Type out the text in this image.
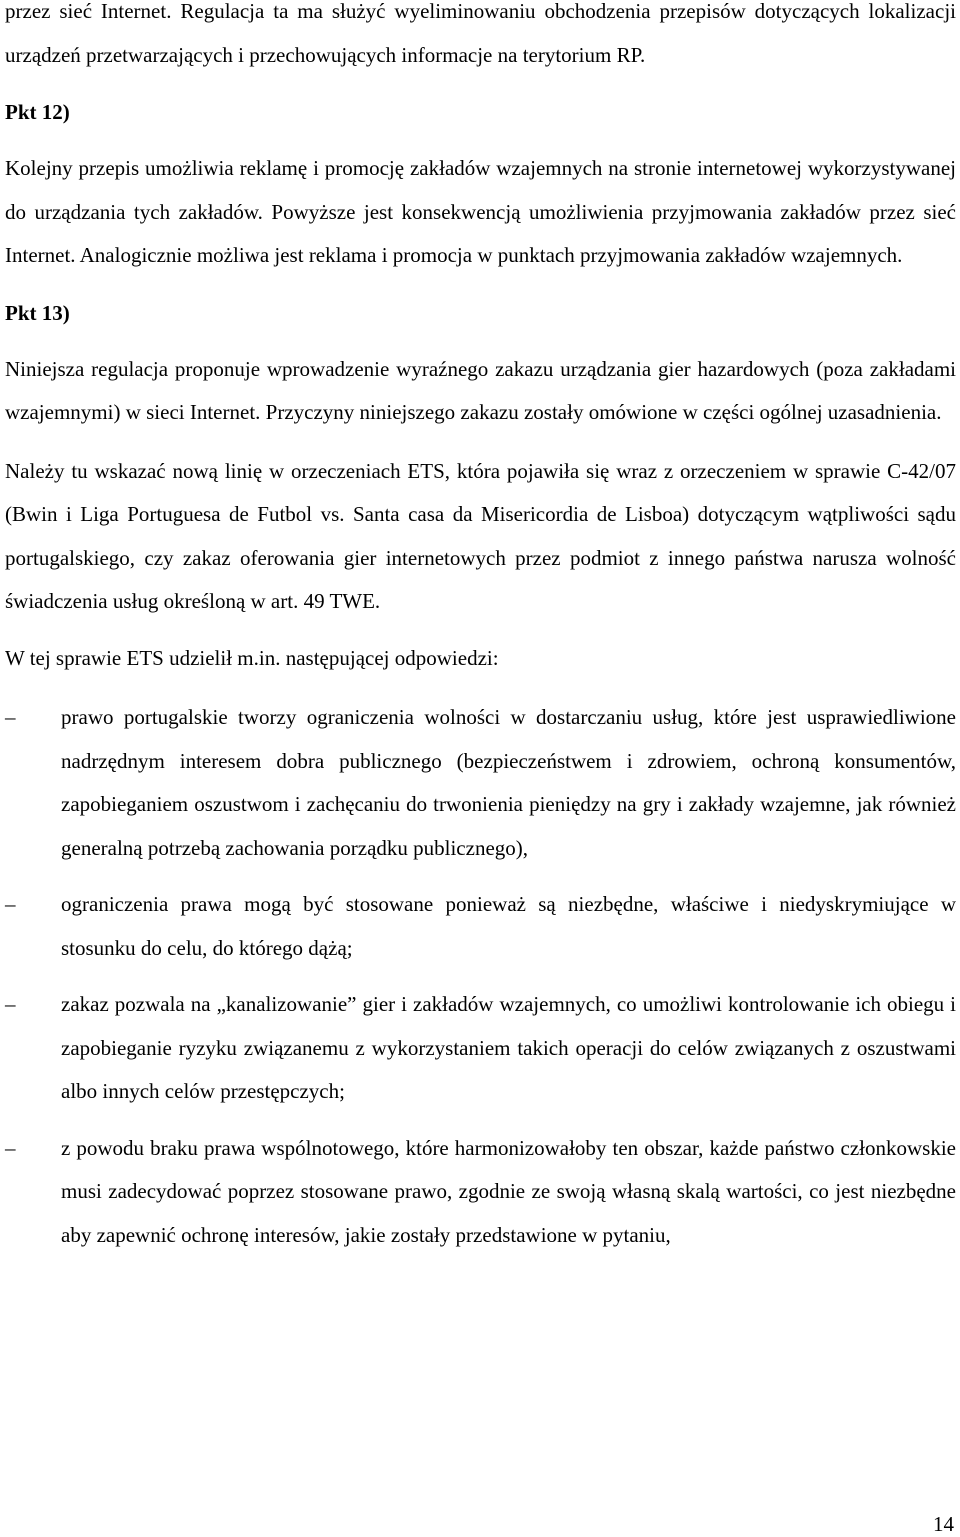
przez sieć Internet. Regulacja ta ma służyć wyeliminowaniu obchodzenia przepisów dotyczących lokalizacji urządzeń przetwarzających i przechowujących informacje na terytorium RP.

Pkt 12)

Kolejny przepis umożliwia reklamę i promocję zakładów wzajemnych na stronie internetowej wykorzystywanej do urządzania tych zakładów. Powyższe jest konsekwencją umożliwienia przyjmowania zakładów przez sieć Internet. Analogicznie możliwa jest reklama i promocja w punktach przyjmowania zakładów wzajemnych.

Pkt 13)

Niniejsza regulacja proponuje wprowadzenie wyraźnego zakazu urządzania gier hazardowych (poza zakładami wzajemnymi) w sieci Internet. Przyczyny niniejszego zakazu zostały omówione w części ogólnej uzasadnienia.

Należy tu wskazać nową linię w orzeczeniach ETS, która pojawiła się wraz z orzeczeniem w sprawie C-42/07 (Bwin i Liga Portuguesa de Futbol vs. Santa casa da Misericordia de Lisboa) dotyczącym wątpliwości sądu portugalskiego, czy zakaz oferowania gier internetowych przez podmiot z innego państwa narusza wolność świadczenia usług określoną w art. 49 TWE.

W tej sprawie ETS udzielił m.in. następującej odpowiedzi:

–	prawo portugalskie tworzy ograniczenia wolności w dostarczaniu usług, które jest usprawiedliwione nadrzędnym interesem dobra publicznego (bezpieczeństwem i zdrowiem, ochroną konsumentów, zapobieganiem oszustwom i zachęcaniu do trwonienia pieniędzy na gry i zakłady wzajemne, jak również generalną potrzebą zachowania porządku publicznego),

–	ograniczenia prawa mogą być stosowane ponieważ są niezbędne, właściwe i niedyskrymiujące w stosunku do celu, do którego dążą;

–	zakaz pozwala na „kanalizowanie” gier i zakładów wzajemnych, co umożliwi kontrolowanie ich obiegu i zapobieganie ryzyku związanemu z wykorzystaniem takich operacji do celów związanych z oszustwami albo innych celów przestępczych;

–	z powodu braku prawa wspólnotowego, które harmonizowałoby ten obszar, każde państwo członkowskie musi zadecydować poprzez stosowane prawo, zgodnie ze swoją własną skalą wartości, co jest niezbędne aby zapewnić ochronę interesów, jakie zostały przedstawione w pytaniu,

14
